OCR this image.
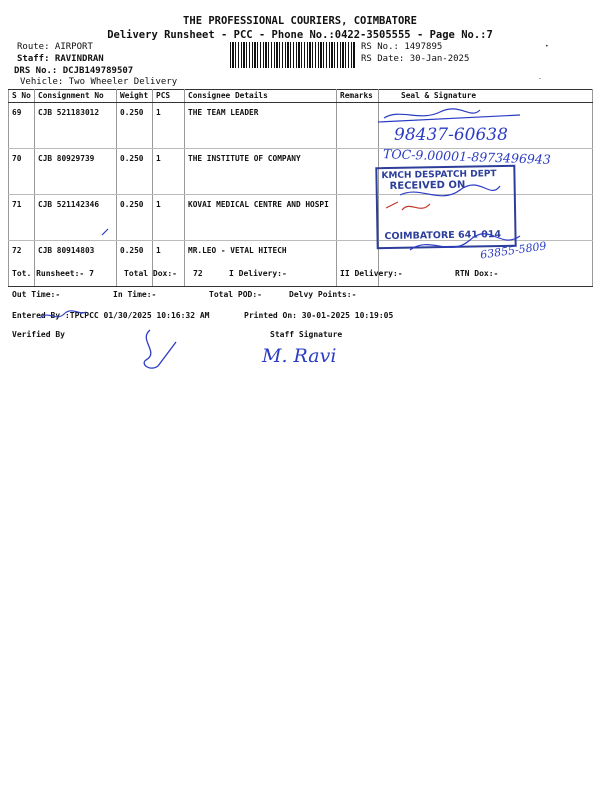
THE PROFESSIONAL COURIERS, COIMBATORE
Delivery Runsheet - PCC - Phone No.:0422-3505555 - Page No.:7
Route: AIRPORT
Staff: RAVINDRAN
DRS No.: DCJB149789507
Vehicle: Two Wheeler Delivery
RS No.: 1497895
RS Date: 30-Jan-2025
S No	Consignment No	Weight	PCS	Consignee Details	Remarks	Seal & Signature
69	CJB 521183012	0.250	1	THE TEAM LEADER		
70	CJB 80929739	0.250	1	THE INSTITUTE OF COMPANY		
71	CJB 521142346	0.250	1	KOVAI MEDICAL CENTRE AND HOSPI		
72	CJB 80914803	0.250	1	MR.LEO - VETAL HITECH		
Tot. Runsheet:- 7	Total Dox:- 72	I Delivery:-	II Delivery:-	RTN Dox:-
Out Time:-	In Time:-	Total POD:-	Delvy Points:-
Entered By :TPCPCC 01/30/2025 10:16:32 AM	Printed On: 30-01-2025 10:19:05
Verified By	Staff Signature
KMCH DESPATCH DEPT
RECEIVED ON
COIMBATORE 641 014
98437-60638
TOC-9.00001-8973496943
63855-5809
M. Ravi
•
-
